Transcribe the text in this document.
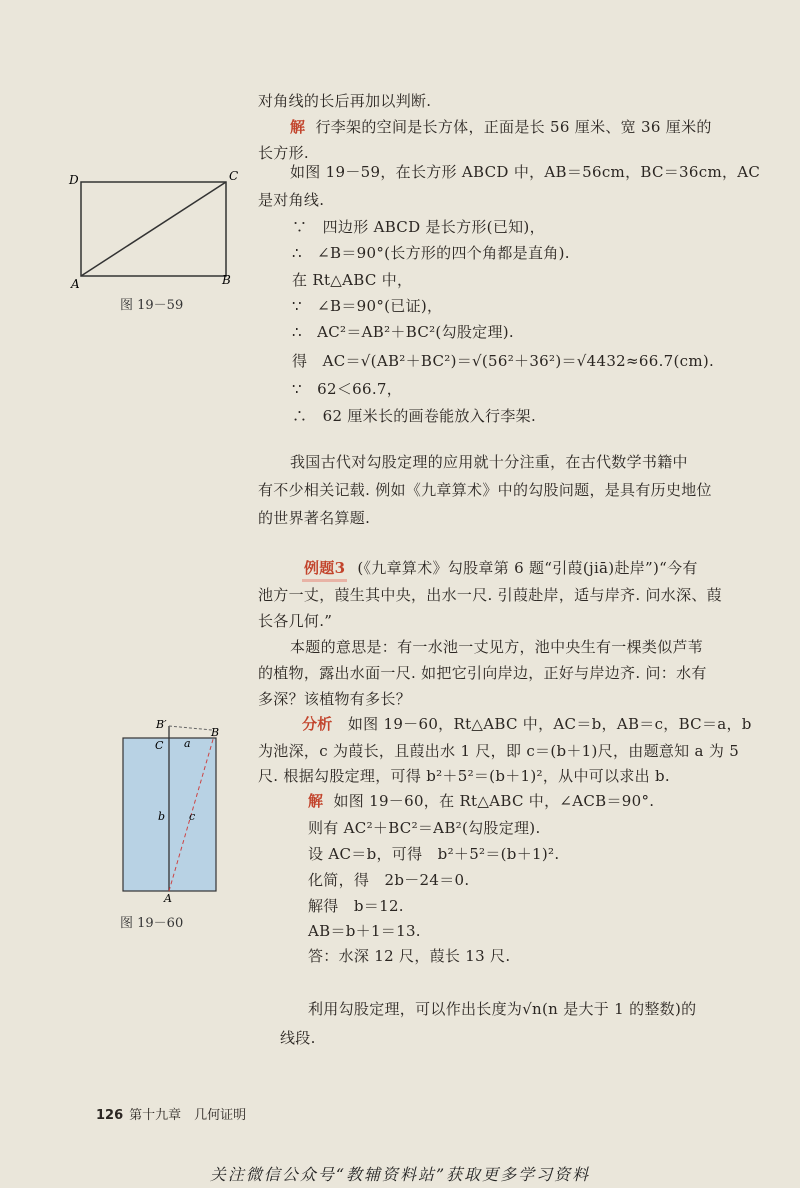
D	C
A	B
图 19－59
B′
B
C a
b c
A
图 19－60
对角线的长后再加以判断.
解 行李架的空间是长方体，正面是长 56 厘米、宽 36 厘米的
长方形.
如图 19－59，在长方形 ABCD 中，AB＝56cm，BC＝36cm，AC
是对角线.
∵　四边形 ABCD 是长方形(已知)，
∴　∠B＝90°(长方形的四个角都是直角).
在 Rt△ABC 中，
∵　∠B＝90°(已证)，
∴　AC²＝AB²＋BC²(勾股定理).
得　AC＝√(AB²＋BC²)＝√(56²＋36²)＝√4432≈66.7(cm).
∵　62＜66.7，
∴　62 厘米长的画卷能放入行李架.
我国古代对勾股定理的应用就十分注重，在古代数学书籍中
有不少相关记载. 例如《九章算术》中的勾股问题，是具有历史地位
的世界著名算题.
例题3 (《九章算术》勾股章第 6 题“引葭(jiā)赴岸”)“今有
池方一丈，葭生其中央，出水一尺. 引葭赴岸，适与岸齐. 问水深、葭
长各几何.”
本题的意思是：有一水池一丈见方，池中央生有一棵类似芦苇
的植物，露出水面一尺. 如把它引向岸边，正好与岸边齐. 问：水有
多深？该植物有多长？
分析 如图 19－60，Rt△ABC 中，AC＝b，AB＝c，BC＝a，b
为池深，c 为葭长，且葭出水 1 尺，即 c＝(b＋1)尺，由题意知 a 为 5
尺. 根据勾股定理，可得 b²＋5²＝(b＋1)²，从中可以求出 b.
解 如图 19－60，在 Rt△ABC 中，∠ACB＝90°.
则有 AC²＋BC²＝AB²(勾股定理).
设 AC＝b，可得　b²＋5²＝(b＋1)².
化简，得　2b－24＝0.
解得　b＝12.
AB＝b＋1＝13.
答：水深 12 尺，葭长 13 尺.
利用勾股定理，可以作出长度为√n(n 是大于 1 的整数)的
线段.
126 第十九章　几何证明
关注微信公众号“教辅资料站”获取更多学习资料
